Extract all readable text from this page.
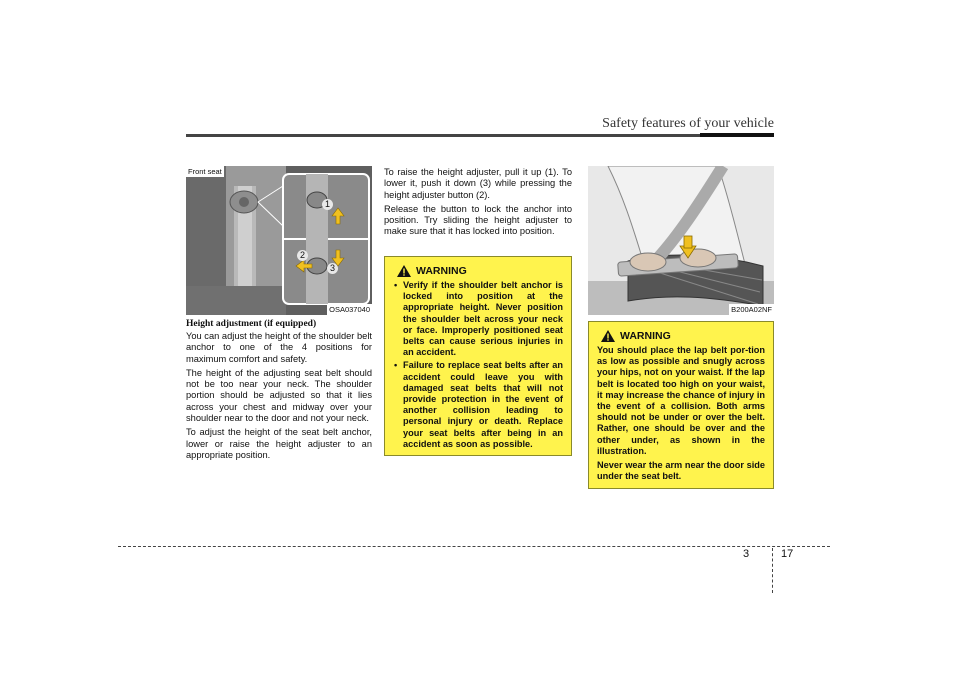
Safety features of your vehicle
Front seat
1
2
3
OSA037040
Height adjustment (if equipped)

You can adjust the height of the shoulder belt anchor to one of the 4 positions for maximum comfort and safety.

The height of the adjusting seat belt should not be too near your neck. The shoulder portion should be adjusted so that it lies across your chest and midway over your shoulder near to the door and not your neck.

To adjust the height of the seat belt anchor, lower or raise the height adjuster to an appropriate position.

To raise the height adjuster, pull it up (1). To lower it, push it down (3) while pressing the height adjuster button (2).

Release the button to lock the anchor into position. Try sliding the height adjuster to make sure that it has locked into position.

WARNING
• Verify if the shoulder belt anchor is locked into position at the appropriate height. Never position the shoulder belt across your neck or face. Improperly positioned seat belts can cause serious injuries in an accident.
• Failure to replace seat belts after an accident could leave you with damaged seat belts that will not provide protection in the event of another collision leading to personal injury or death. Replace your seat belts after being in an accident as soon as possible.
B200A02NF
WARNING

You should place the lap belt por-tion as low as possible and snugly across your hips, not on your waist. If the lap belt is located too high on your waist, it may increase the chance of injury in the event of a collision. Both arms should not be under or over the belt. Rather, one should be over and the other under, as shown in the illustration.

Never wear the arm near the door side under the seat belt.

3	17
